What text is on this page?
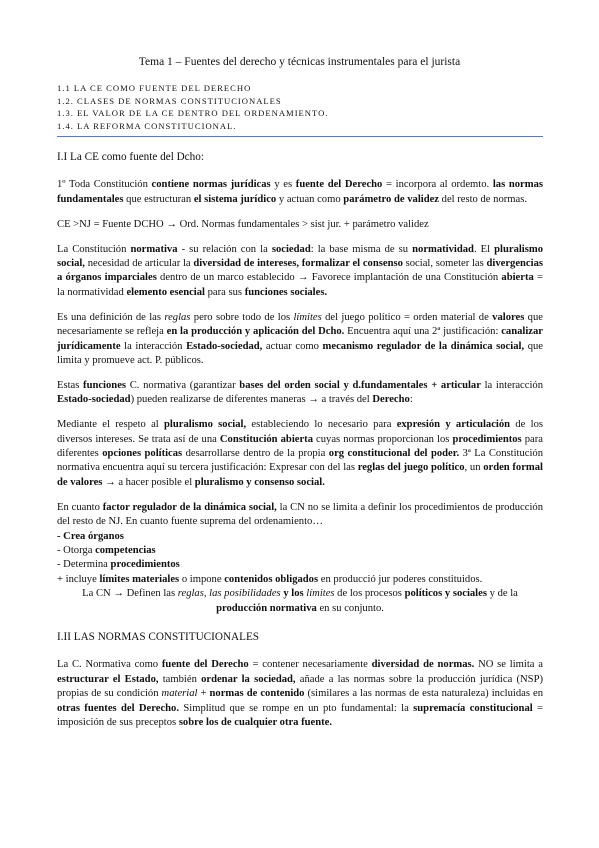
Tema 1 – Fuentes del derecho y técnicas instrumentales para el jurista
1.1 LA CE COMO FUENTE DEL DERECHO
1.2. CLASES DE NORMAS CONSTITUCIONALES
1.3. EL VALOR DE LA CE DENTRO DEL ORDENAMIENTO.
1.4. LA REFORMA CONSTITUCIONAL.

I.I La CE como fuente del Dcho:

1º Toda Constitución contiene normas jurídicas y es fuente del Derecho = incorpora al ordemto. las normas fundamentales que estructuran el sistema jurídico y actuan como parámetro de validez del resto de normas.

CE >NJ = Fuente DCHO → Ord. Normas fundamentales > sist jur. + parámetro validez

La Constitución normativa - su relación con la sociedad: la base misma de su normatividad. El pluralismo social, necesidad de articular la diversidad de intereses, formalizar el consenso social, someter las divergencias a órganos imparciales dentro de un marco establecido → Favorece implantación de una Constitución abierta = la normatividad elemento esencial para sus funciones sociales.

Es una definición de las reglas pero sobre todo de los límites del juego político = orden material de valores que necesariamente se refleja en la producción y aplicación del Dcho. Encuentra aquí una 2ª justificación: canalizar jurídicamente la interacción Estado-sociedad, actuar como mecanismo regulador de la dinámica social, que limita y promueve act. P. públicos.

Estas funciones C. normativa (garantizar bases del orden social y d.fundamentales + articular la interacción Estado-sociedad) pueden realizarse de diferentes maneras → a través del Derecho:

Mediante el respeto al pluralismo social, estableciendo lo necesario para expresión y articulación de los diversos intereses. Se trata así de una Constitución abierta cuyas normas proporcionan los procedimientos para diferentes opciones políticas desarrollarse dentro de la propia org constitucional del poder. 3ª La Constitución normativa encuentra aquí su tercera justificación: Expresar con del las reglas del juego político, un orden formal de valores → a hacer posible el pluralismo y consenso social.

En cuanto factor regulador de la dinámica social, la CN no se limita a definir los procedimientos de producción del resto de NJ. En cuanto fuente suprema del ordenamiento…

- Crea órganos

- Otorga competencias

- Determina procedimientos

+ incluye límites materiales o impone contenidos obligados en producció jur poderes constituidos.

La CN → Definen las reglas, las posibilidades y los límites de los procesos políticos y sociales y de la producción normativa en su conjunto.

I.II LAS NORMAS CONSTITUCIONALES

La C. Normativa como fuente del Derecho = contener necesariamente diversidad de normas. NO se limita a estructurar el Estado, también ordenar la sociedad, añade a las normas sobre la producción jurídica (NSP) propias de su condición material + normas de contenido (similares a las normas de esta naturaleza) incluidas en otras fuentes del Derecho. Simplitud que se rompe en un pto fundamental: la supremacía constitucional = imposición de sus preceptos sobre los de cualquier otra fuente.
